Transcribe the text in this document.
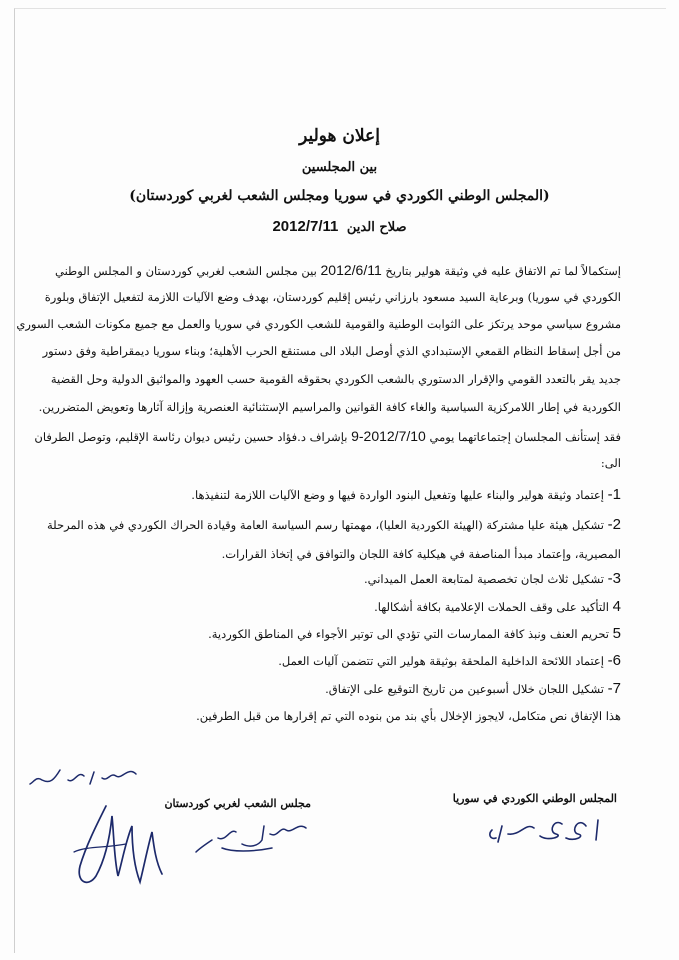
إعلان هولير
بين المجلسين
(المجلس الوطني الكوردي في سوريا ومجلس الشعب لغربي كوردستان)
صلاح الدين 2012/7/11
إستكمالاً لما تم الاتفاق عليه في وثيقة هولير بتاريخ 2012/6/11 بين مجلس الشعب لغربي كوردستان و المجلس الوطني
الكوردي في سوريا) وبرعاية السيد مسعود بارزاني رئيس إقليم كوردستان، بهدف وضع الآليات اللازمة لتفعيل الإتفاق وبلورة
مشروع سياسي موحد يرتكز على الثوابت الوطنية والقومية للشعب الكوردي في سوريا والعمل مع جميع مكونات الشعب السوري
من أجل إسقاط النظام القمعي الإستبدادي الذي أوصل البلاد الى مستنقع الحرب الأهلية؛ وبناء سوريا ديمقراطية وفق دستور
جديد يقر بالتعدد القومي والإقرار الدستوري بالشعب الكوردي بحقوقه القومية حسب العهود والمواثيق الدولية وحل القضية
الكوردية في إطار اللامركزية السياسية والغاء كافة القوانين والمراسيم الإستثنائية العنصرية وإزالة آثارها وتعويض المتضررين.
فقد إستأنف المجلسان إجتماعاتهما يومي 2012/7/10-9 بإشراف د.فؤاد حسين رئيس ديوان رئاسة الإقليم، وتوصل الطرفان
الى:
1- إعتماد وثيقة هولير والبناء عليها وتفعيل البنود الواردة فيها و وضع الآليات اللازمة لتنفيذها.
2- تشكيل هيئة عليا مشتركة (الهيئة الكوردية العليا)، مهمتها رسم السياسة العامة وقيادة الحراك الكوردي في هذه المرحلة
المصيرية، وإعتماد مبدأ المناصفة في هيكلية كافة اللجان والتوافق في إتخاذ القرارات.
3- تشكيل ثلاث لجان تخصصية لمتابعة العمل الميداني.
4 التأكيد على وقف الحملات الإعلامية بكافة أشكالها.
5 تحريم العنف ونبذ كافة الممارسات التي تؤدي الى توتير الأجواء في المناطق الكوردية.
6- إعتماد اللائحة الداخلية الملحقة بوثيقة هولير التي تتضمن آليات العمل.
7- تشكيل اللجان خلال أسبوعين من تاريخ التوقيع على الإتفاق.
هذا الإتفاق نص متكامل، لايجوز الإخلال بأي بند من بنوده التي تم إقرارها من قبل الطرفين.
المجلس الوطني الكوردي في سوريا
مجلس الشعب لغربي كوردستان
